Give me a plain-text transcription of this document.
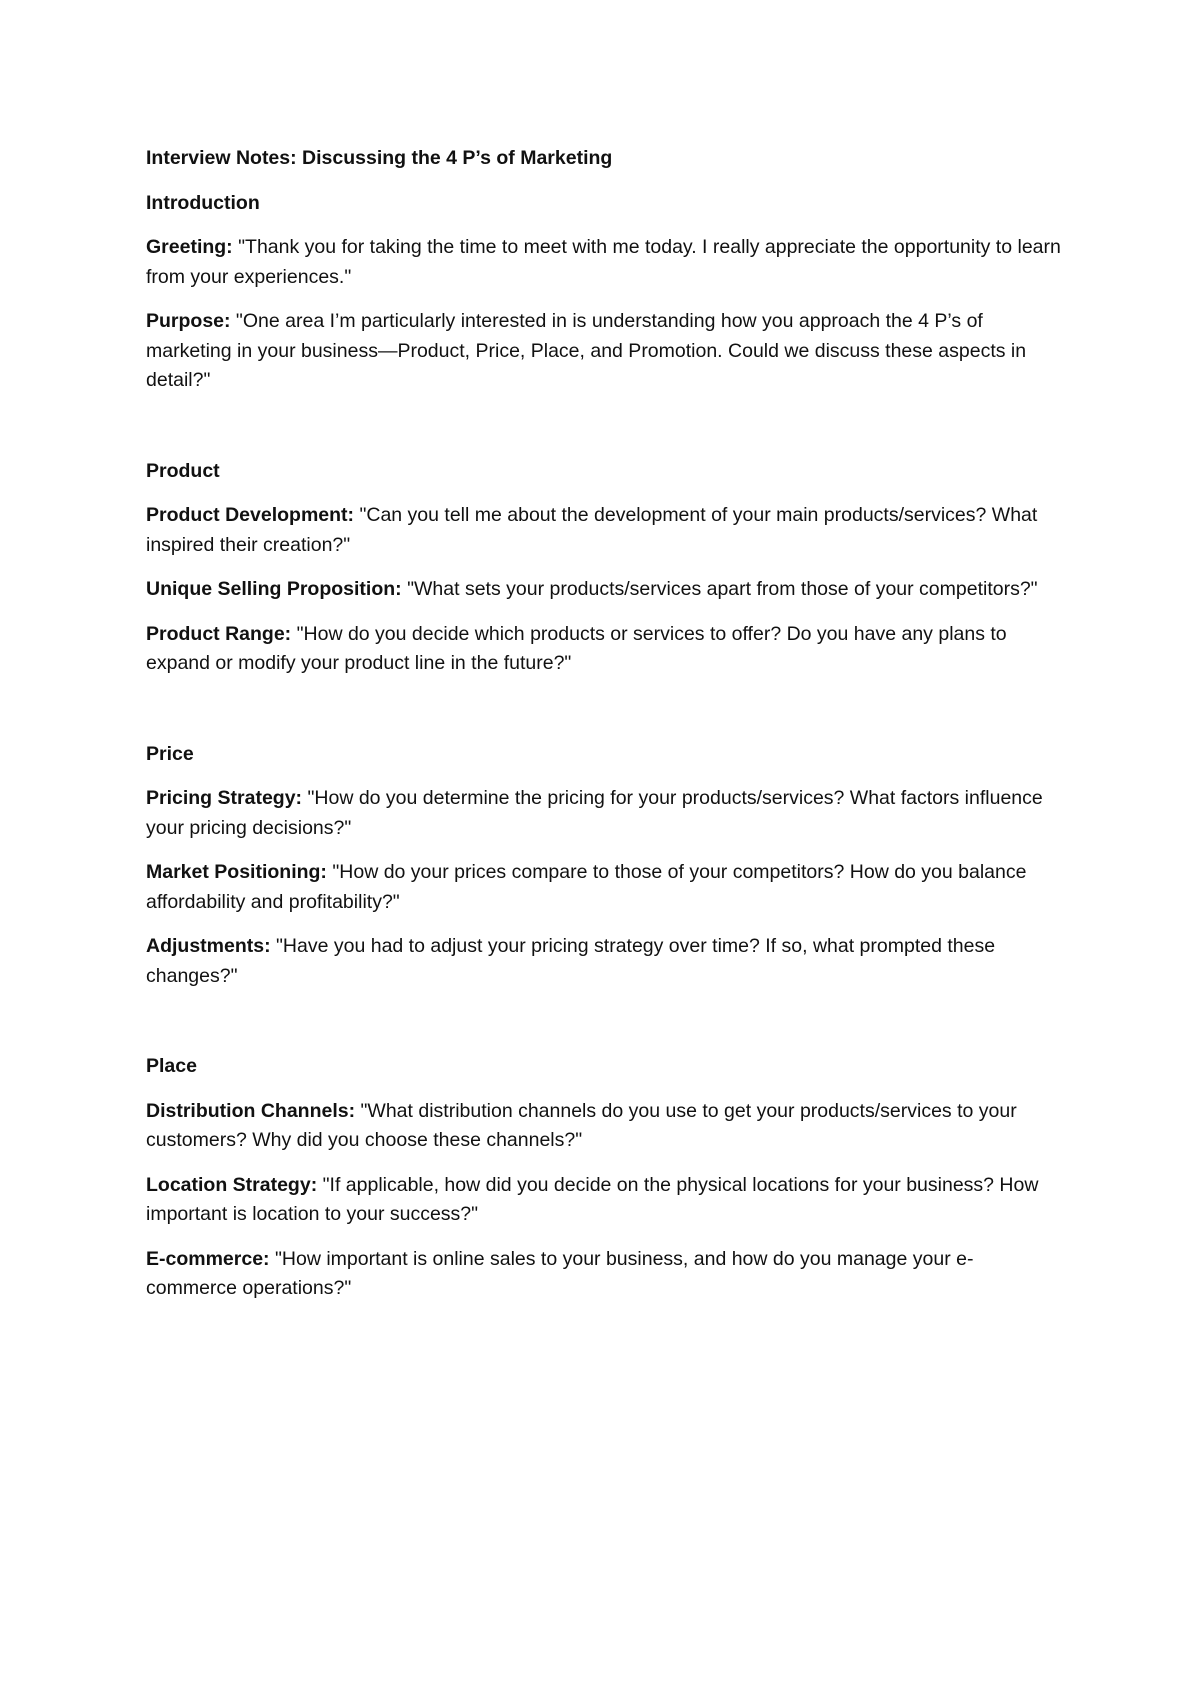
Interview Notes: Discussing the 4 P’s of Marketing

Introduction

Greeting: "Thank you for taking the time to meet with me today. I really appreciate the opportunity to learn from your experiences."

Purpose: "One area I’m particularly interested in is understanding how you approach the 4 P’s of marketing in your business—Product, Price, Place, and Promotion. Could we discuss these aspects in detail?"

Product

Product Development: "Can you tell me about the development of your main products/services? What inspired their creation?"

Unique Selling Proposition: "What sets your products/services apart from those of your competitors?"

Product Range: "How do you decide which products or services to offer? Do you have any plans to expand or modify your product line in the future?"

Price

Pricing Strategy: "How do you determine the pricing for your products/services? What factors influence your pricing decisions?"

Market Positioning: "How do your prices compare to those of your competitors? How do you balance affordability and profitability?"

Adjustments: "Have you had to adjust your pricing strategy over time? If so, what prompted these changes?"

Place

Distribution Channels: "What distribution channels do you use to get your products/services to your customers? Why did you choose these channels?"

Location Strategy: "If applicable, how did you decide on the physical locations for your business? How important is location to your success?"

E-commerce: "How important is online sales to your business, and how do you manage your e-commerce operations?"
